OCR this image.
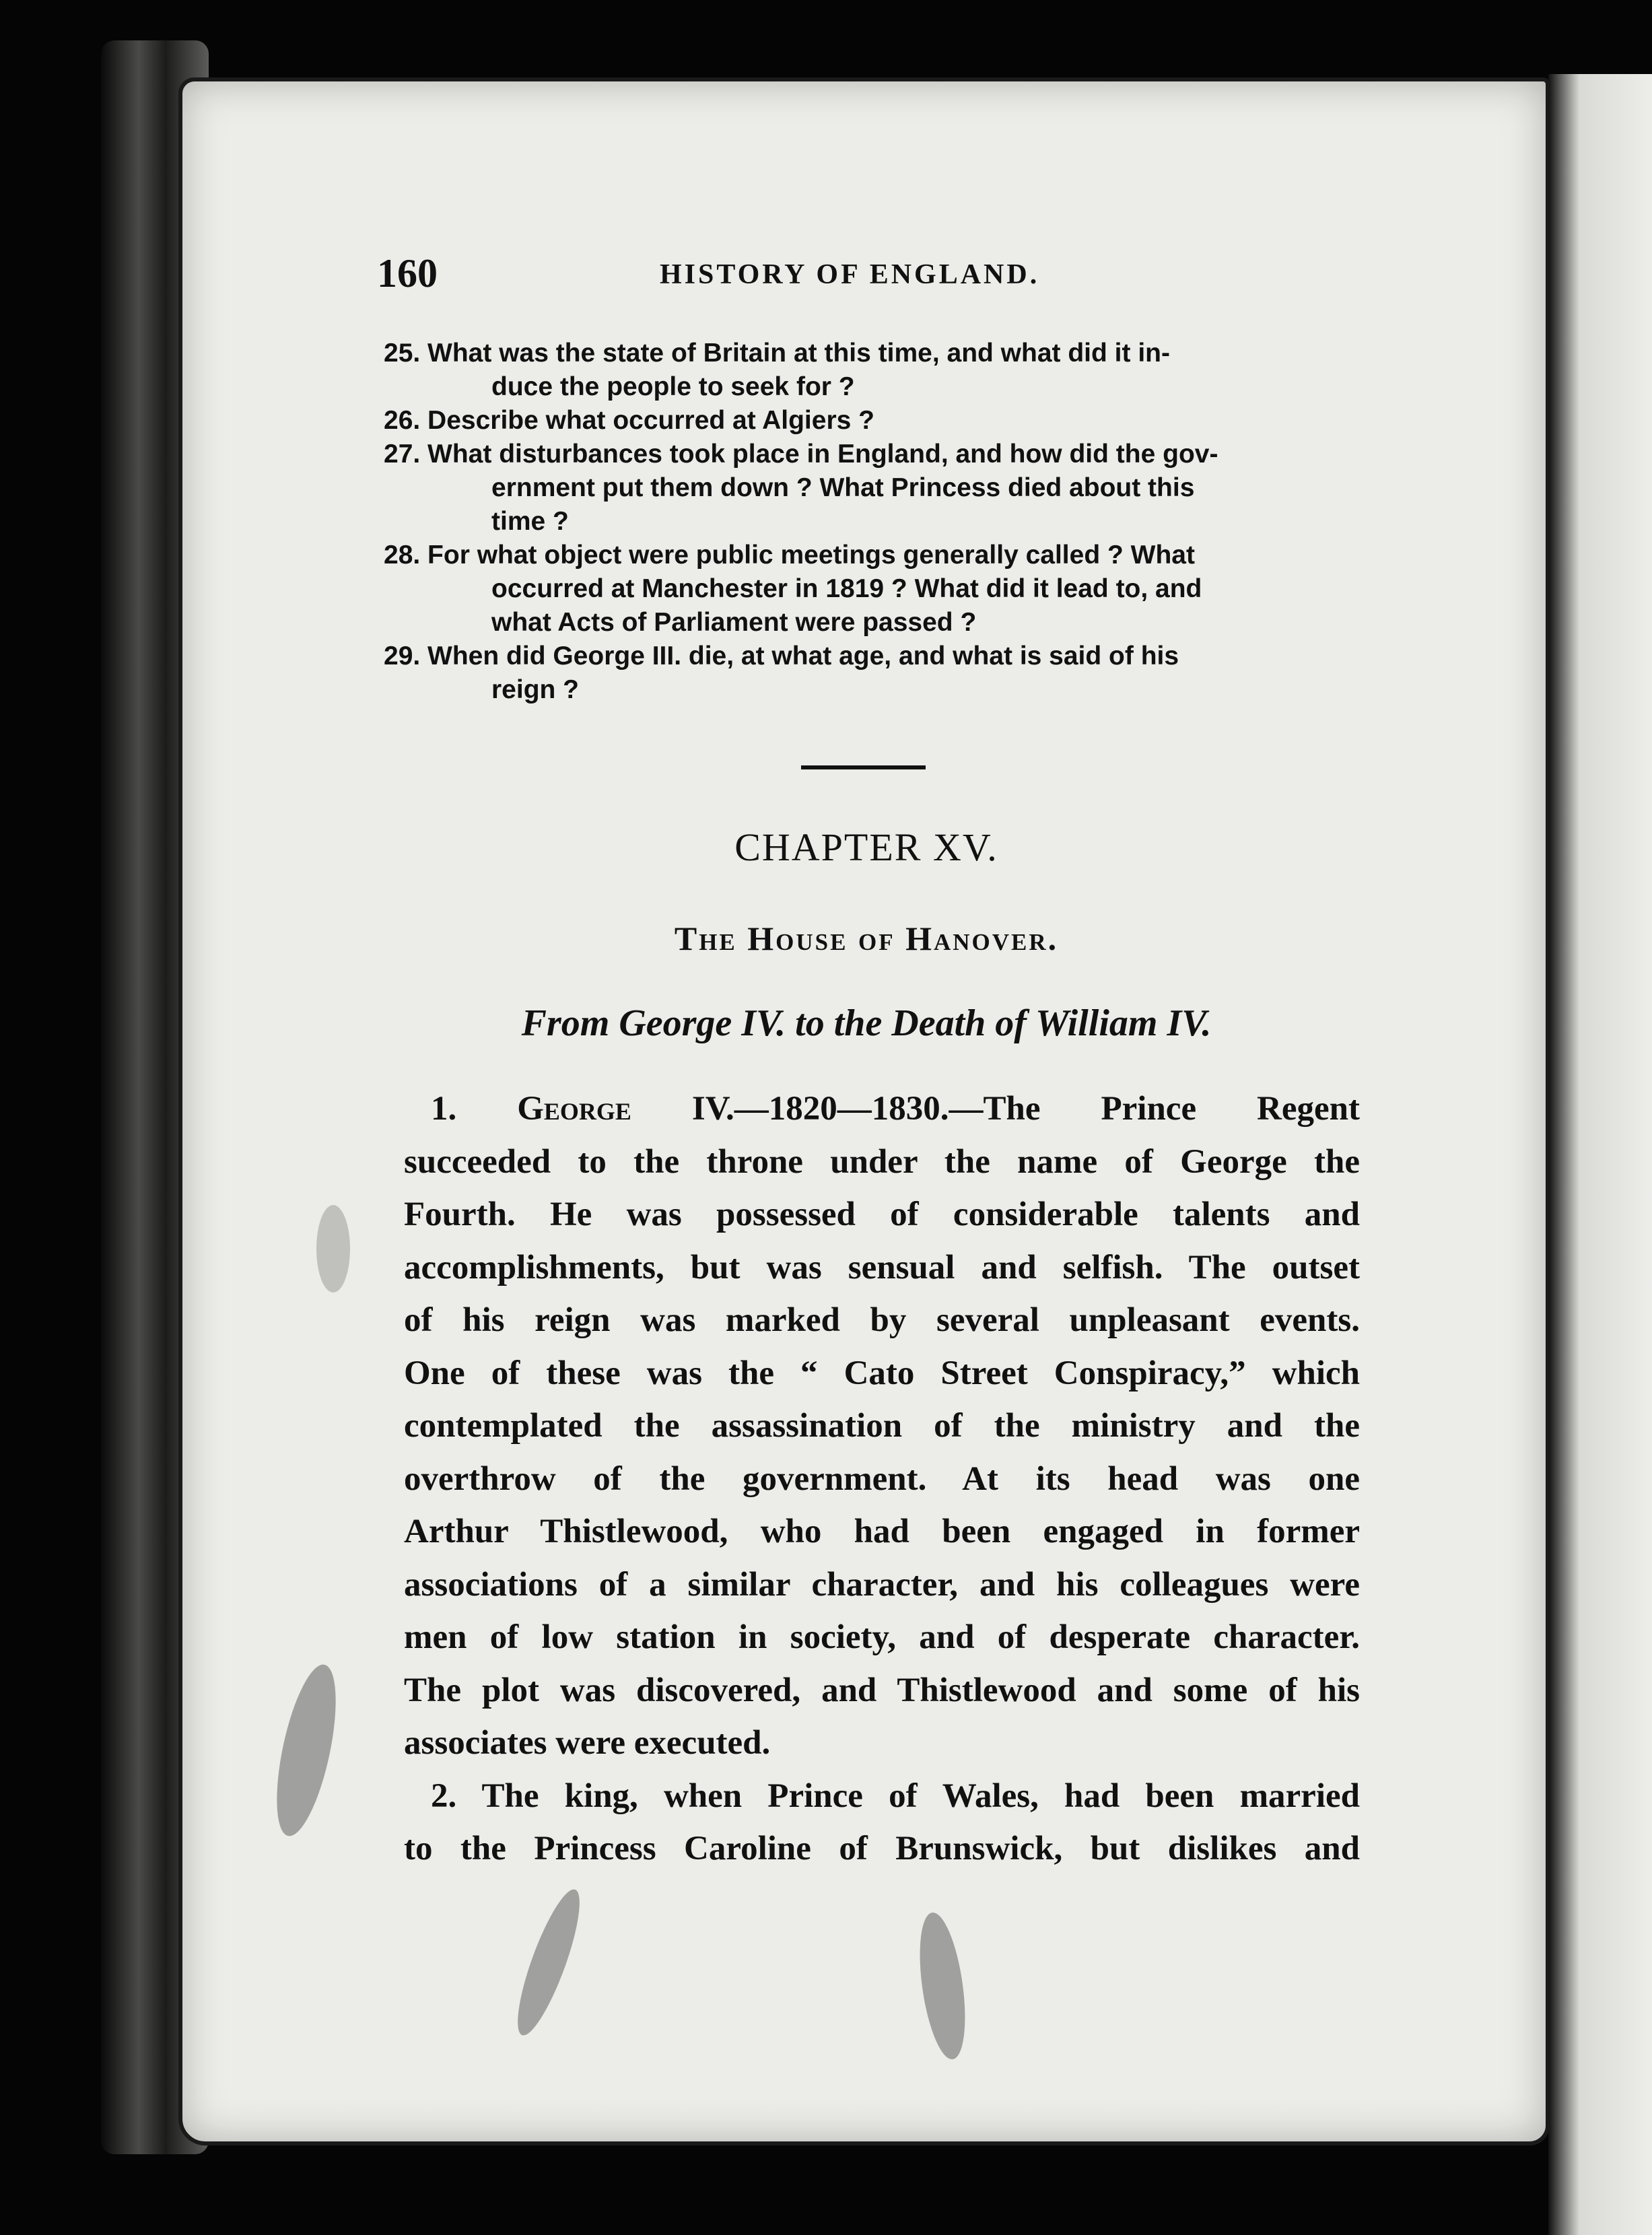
160	HISTORY OF ENGLAND.
25. What was the state of Britain at this time, and what did it in-
duce the people to seek for ?
26. Describe what occurred at Algiers ?
27. What disturbances took place in England, and how did the gov-
ernment put them down ? What Princess died about this
time ?
28. For what object were public meetings generally called ? What
occurred at Manchester in 1819 ? What did it lead to, and
what Acts of Parliament were passed ?
29. When did George III. die, at what age, and what is said of his
reign ?
CHAPTER XV.
The House of Hanover.
From George IV. to the Death of William IV.
1. George IV.—1820—1830.—The Prince Regent
succeeded to the throne under the name of George the
Fourth. He was possessed of considerable talents and
accomplishments, but was sensual and selfish. The outset
of his reign was marked by several unpleasant events.
One of these was the “ Cato Street Conspiracy,” which
contemplated the assassination of the ministry and the
overthrow of the government. At its head was one
Arthur Thistlewood, who had been engaged in former
associations of a similar character, and his colleagues were
men of low station in society, and of desperate character.
The plot was discovered, and Thistlewood and some of his
associates were executed.
2. The king, when Prince of Wales, had been married
to the Princess Caroline of Brunswick, but dislikes and
